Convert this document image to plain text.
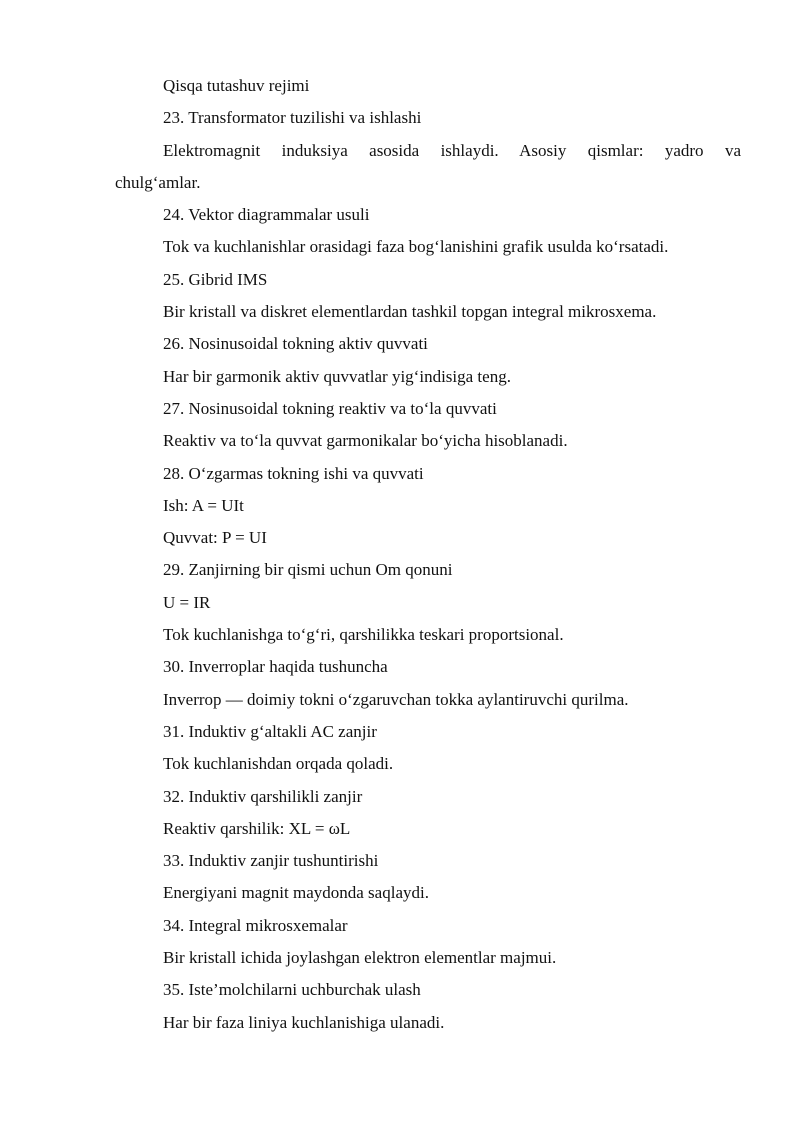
Qisqa tutashuv rejimi
23. Transformator tuzilishi va ishlashi
Elektromagnit induksiya asosida ishlaydi. Asosiy qismlar: yadro va
chulg‘amlar.
24. Vektor diagrammalar usuli
Tok va kuchlanishlar orasidagi faza bog‘lanishini grafik usulda ko‘rsatadi.
25. Gibrid IMS
Bir kristall va diskret elementlardan tashkil topgan integral mikrosxema.
26. Nosinusoidal tokning aktiv quvvati
Har bir garmonik aktiv quvvatlar yig‘indisiga teng.
27. Nosinusoidal tokning reaktiv va to‘la quvvati
Reaktiv va to‘la quvvat garmonikalar bo‘yicha hisoblanadi.
28. O‘zgarmas tokning ishi va quvvati
Ish: A = UIt
Quvvat: P = UI
29. Zanjirning bir qismi uchun Om qonuni
U = IR
Tok kuchlanishga to‘g‘ri, qarshilikka teskari proportsional.
30. Inverroplar haqida tushuncha
Inverrop — doimiy tokni o‘zgaruvchan tokka aylantiruvchi qurilma.
31. Induktiv g‘altakli AC zanjir
Tok kuchlanishdan orqada qoladi.
32. Induktiv qarshilikli zanjir
Reaktiv qarshilik: XL = ωL
33. Induktiv zanjir tushuntirishi
Energiyani magnit maydonda saqlaydi.
34. Integral mikrosxemalar
Bir kristall ichida joylashgan elektron elementlar majmui.
35. Iste’molchilarni uchburchak ulash
Har bir faza liniya kuchlanishiga ulanadi.
